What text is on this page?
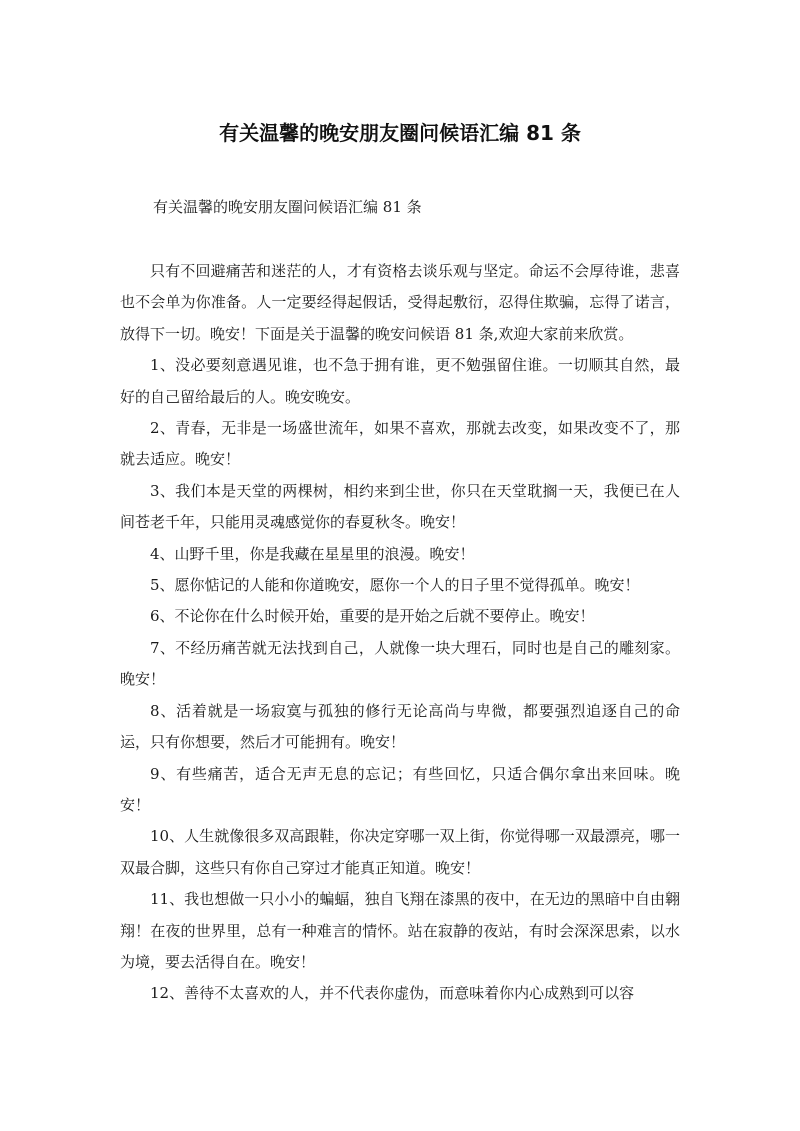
有关温馨的晚安朋友圈问候语汇编 81 条
有关温馨的晚安朋友圈问候语汇编 81 条

只有不回避痛苦和迷茫的人，才有资格去谈乐观与坚定。命运不会厚待谁，悲喜也不会单为你准备。人一定要经得起假话，受得起敷衍，忍得住欺骗，忘得了诺言，放得下一切。晚安！下面是关于温馨的晚安问候语 81 条,欢迎大家前来欣赏。

1、没必要刻意遇见谁，也不急于拥有谁，更不勉强留住谁。一切顺其自然，最好的自己留给最后的人。晚安晚安。

2、青春，无非是一场盛世流年，如果不喜欢，那就去改变，如果改变不了，那就去适应。晚安！

3、我们本是天堂的两棵树，相约来到尘世，你只在天堂耽搁一天，我便已在人间苍老千年，只能用灵魂感觉你的春夏秋冬。晚安！

4、山野千里，你是我藏在星星里的浪漫。晚安！

5、愿你惦记的人能和你道晚安，愿你一个人的日子里不觉得孤单。晚安！

6、不论你在什么时候开始，重要的是开始之后就不要停止。晚安！

7、不经历痛苦就无法找到自己，人就像一块大理石，同时也是自己的雕刻家。晚安！

8、活着就是一场寂寞与孤独的修行无论高尚与卑微，都要强烈追逐自己的命运，只有你想要，然后才可能拥有。晚安！

9、有些痛苦，适合无声无息的忘记；有些回忆，只适合偶尔拿出来回味。晚安！

10、人生就像很多双高跟鞋，你决定穿哪一双上街，你觉得哪一双最漂亮，哪一双最合脚，这些只有你自己穿过才能真正知道。晚安！

11、我也想做一只小小的蝙蝠，独自飞翔在漆黑的夜中，在无边的黑暗中自由翱翔！在夜的世界里，总有一种难言的情怀。站在寂静的夜站，有时会深深思索，以水为境，要去活得自在。晚安！

12、善待不太喜欢的人，并不代表你虚伪，而意味着你内心成熟到可以容
